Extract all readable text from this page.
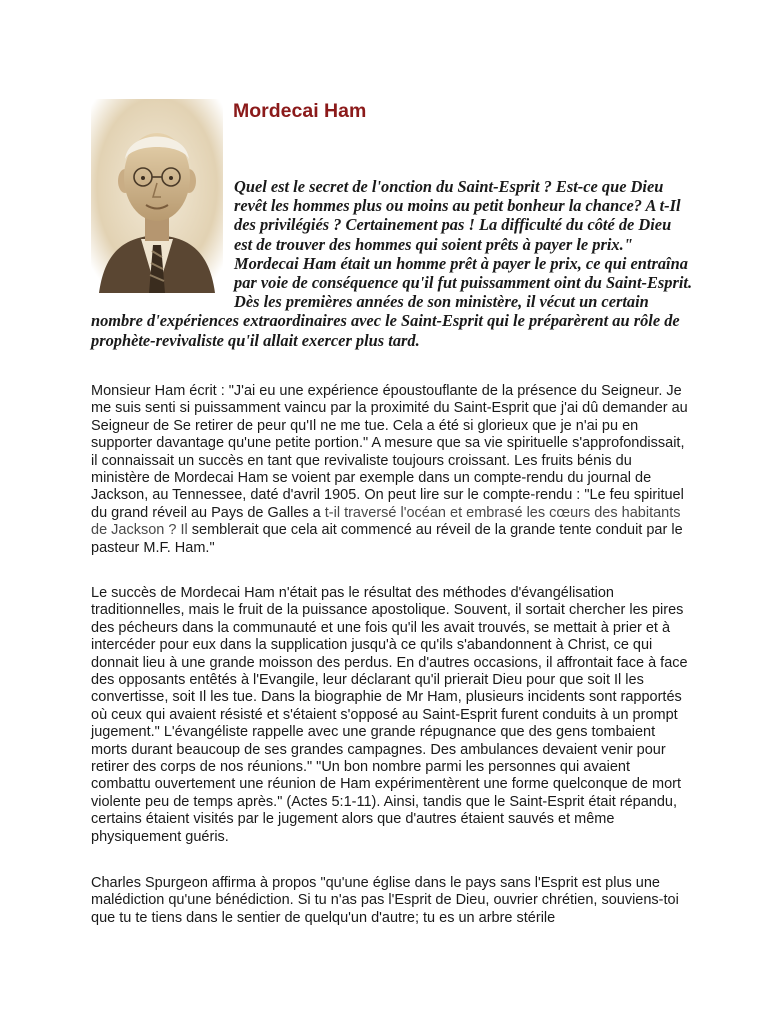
Mordecai Ham

Quel est le secret de l'onction du Saint-Esprit ? Est-ce que Dieu revêt les hommes plus ou moins au petit bonheur la chance? A t-Il des privilégiés ? Certainement pas ! La difficulté du côté de Dieu est de trouver des hommes qui soient prêts à payer le prix." Mordecai Ham était un homme prêt à payer le prix, ce qui entraîna par voie de conséquence qu'il fut puissamment oint du Saint-Esprit. Dès les premières années de son ministère, il vécut un certain nombre d'expériences extraordinaires avec le Saint-Esprit qui le préparèrent au rôle de prophète-revivaliste qu'il allait exercer plus tard.

Monsieur Ham écrit : "J'ai eu une expérience époustouflante de la présence du Seigneur. Je me suis senti si puissamment vaincu par la proximité du Saint-Esprit que j'ai dû demander au Seigneur de Se retirer de peur qu'Il ne me tue. Cela a été si glorieux que je n'ai pu en supporter davantage qu'une petite portion." A mesure que sa vie spirituelle s'approfondissait, il connaissait un succès en tant que revivaliste toujours croissant. Les fruits bénis du ministère de Mordecai Ham se voient par exemple dans un compte-rendu du journal de Jackson, au Tennessee, daté d'avril 1905. On peut lire sur le compte-rendu : "Le feu spirituel du grand réveil au Pays de Galles a t-il traversé l'océan et embrasé les cœurs des habitants de Jackson ? Il semblerait que cela ait commencé au réveil de la grande tente conduit par le pasteur M.F. Ham."

Le succès de Mordecai Ham n'était pas le résultat des méthodes d'évangélisation traditionnelles, mais le fruit de la puissance apostolique. Souvent, il sortait chercher les pires des pécheurs dans la communauté et une fois qu'il les avait trouvés, se mettait à prier et à intercéder pour eux dans la supplication jusqu'à ce qu'ils s'abandonnent à Christ, ce qui donnait lieu à une grande moisson des perdus. En d'autres occasions, il affrontait face à face des opposants entêtés à l'Evangile, leur déclarant qu'il prierait Dieu pour que soit Il les convertisse, soit Il les tue. Dans la biographie de Mr Ham, plusieurs incidents sont rapportés où ceux qui avaient résisté et s'étaient s'opposé au Saint-Esprit furent conduits à un prompt jugement." L'évangéliste rappelle avec une grande répugnance que des gens tombaient morts durant beaucoup de ses grandes campagnes. Des ambulances devaient venir pour retirer des corps de nos réunions." "Un bon nombre parmi les personnes qui avaient combattu ouvertement une réunion de Ham expérimentèrent une forme quelconque de mort violente peu de temps après." (Actes 5:1-11). Ainsi, tandis que le Saint-Esprit était répandu, certains étaient visités par le jugement alors que d'autres étaient sauvés et même physiquement guéris.

Charles Spurgeon affirma à propos "qu'une église dans le pays sans l'Esprit est plus une malédiction qu'une bénédiction. Si tu n'as pas l'Esprit de Dieu, ouvrier chrétien, souviens-toi que tu te tiens dans le sentier de quelqu'un d'autre; tu es un arbre stérile
